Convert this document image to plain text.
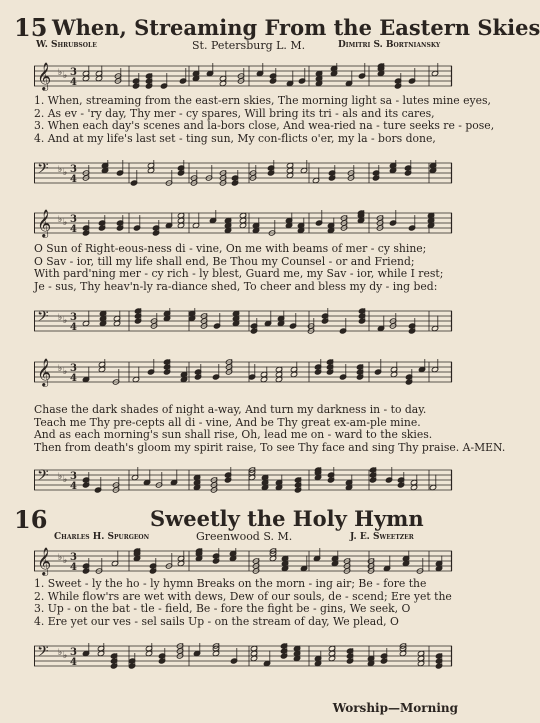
15 When, Streaming From the Eastern Skies
W. Shrubsole	St. Petersburg L. M.	Dimitri S. Bortniansky
𝄞 ♭ ♭ 3
4
1. When, streaming from the east-ern skies, The morning light sa - lutes mine eyes,
2. As ev - 'ry day, Thy mer - cy spares, Will bring its tri - als and its cares,
3. When each day's scenes and la-bors close, And wea-ried na - ture seeks re - pose,
4. And at my life's last set - ting sun, My con-flicts o'er, my la - bors done,
𝄢 ♭ ♭ 3
4
𝄞 ♭ ♭ 3
4
O Sun of Right-eous-ness di - vine, On me with beams of mer - cy shine;
O Sav - ior, till my life shall end, Be Thou my Counsel - or and Friend;
With pard'ning mer - cy rich - ly blest, Guard me, my Sav - ior, while I rest;
Je - sus, Thy heav'n-ly ra-diance shed, To cheer and bless my dy - ing bed:
𝄢 ♭ ♭ 3
4
𝄞 ♭ ♭ 3
4
Chase the dark shades of night a-way, And turn my darkness in - to day.
Teach me Thy pre-cepts all di - vine, And be Thy great ex-am-ple mine.
And as each morning's sun shall rise, Oh, lead me on - ward to the skies.
Then from death's gloom my spirit raise, To see Thy face and sing Thy praise. A-MEN.
𝄢 ♭ ♭ 3
4
16	Sweetly the Holy Hymn
Charles H. Spurgeon	Greenwood S. M.	J. E. Sweetzer
𝄞 ♭ ♭ 3
4
1. Sweet - ly the ho - ly hymn Breaks on the morn - ing air; Be - fore the
2. While flow'rs are wet with dews, Dew of our souls, de - scend; Ere yet the
3. Up - on the bat - tle - field, Be - fore the fight be - gins, We seek, O
4. Ere yet our ves - sel sails Up - on the stream of day, We plead, O
𝄢 ♭ ♭ 3
4
Worship—Morning
